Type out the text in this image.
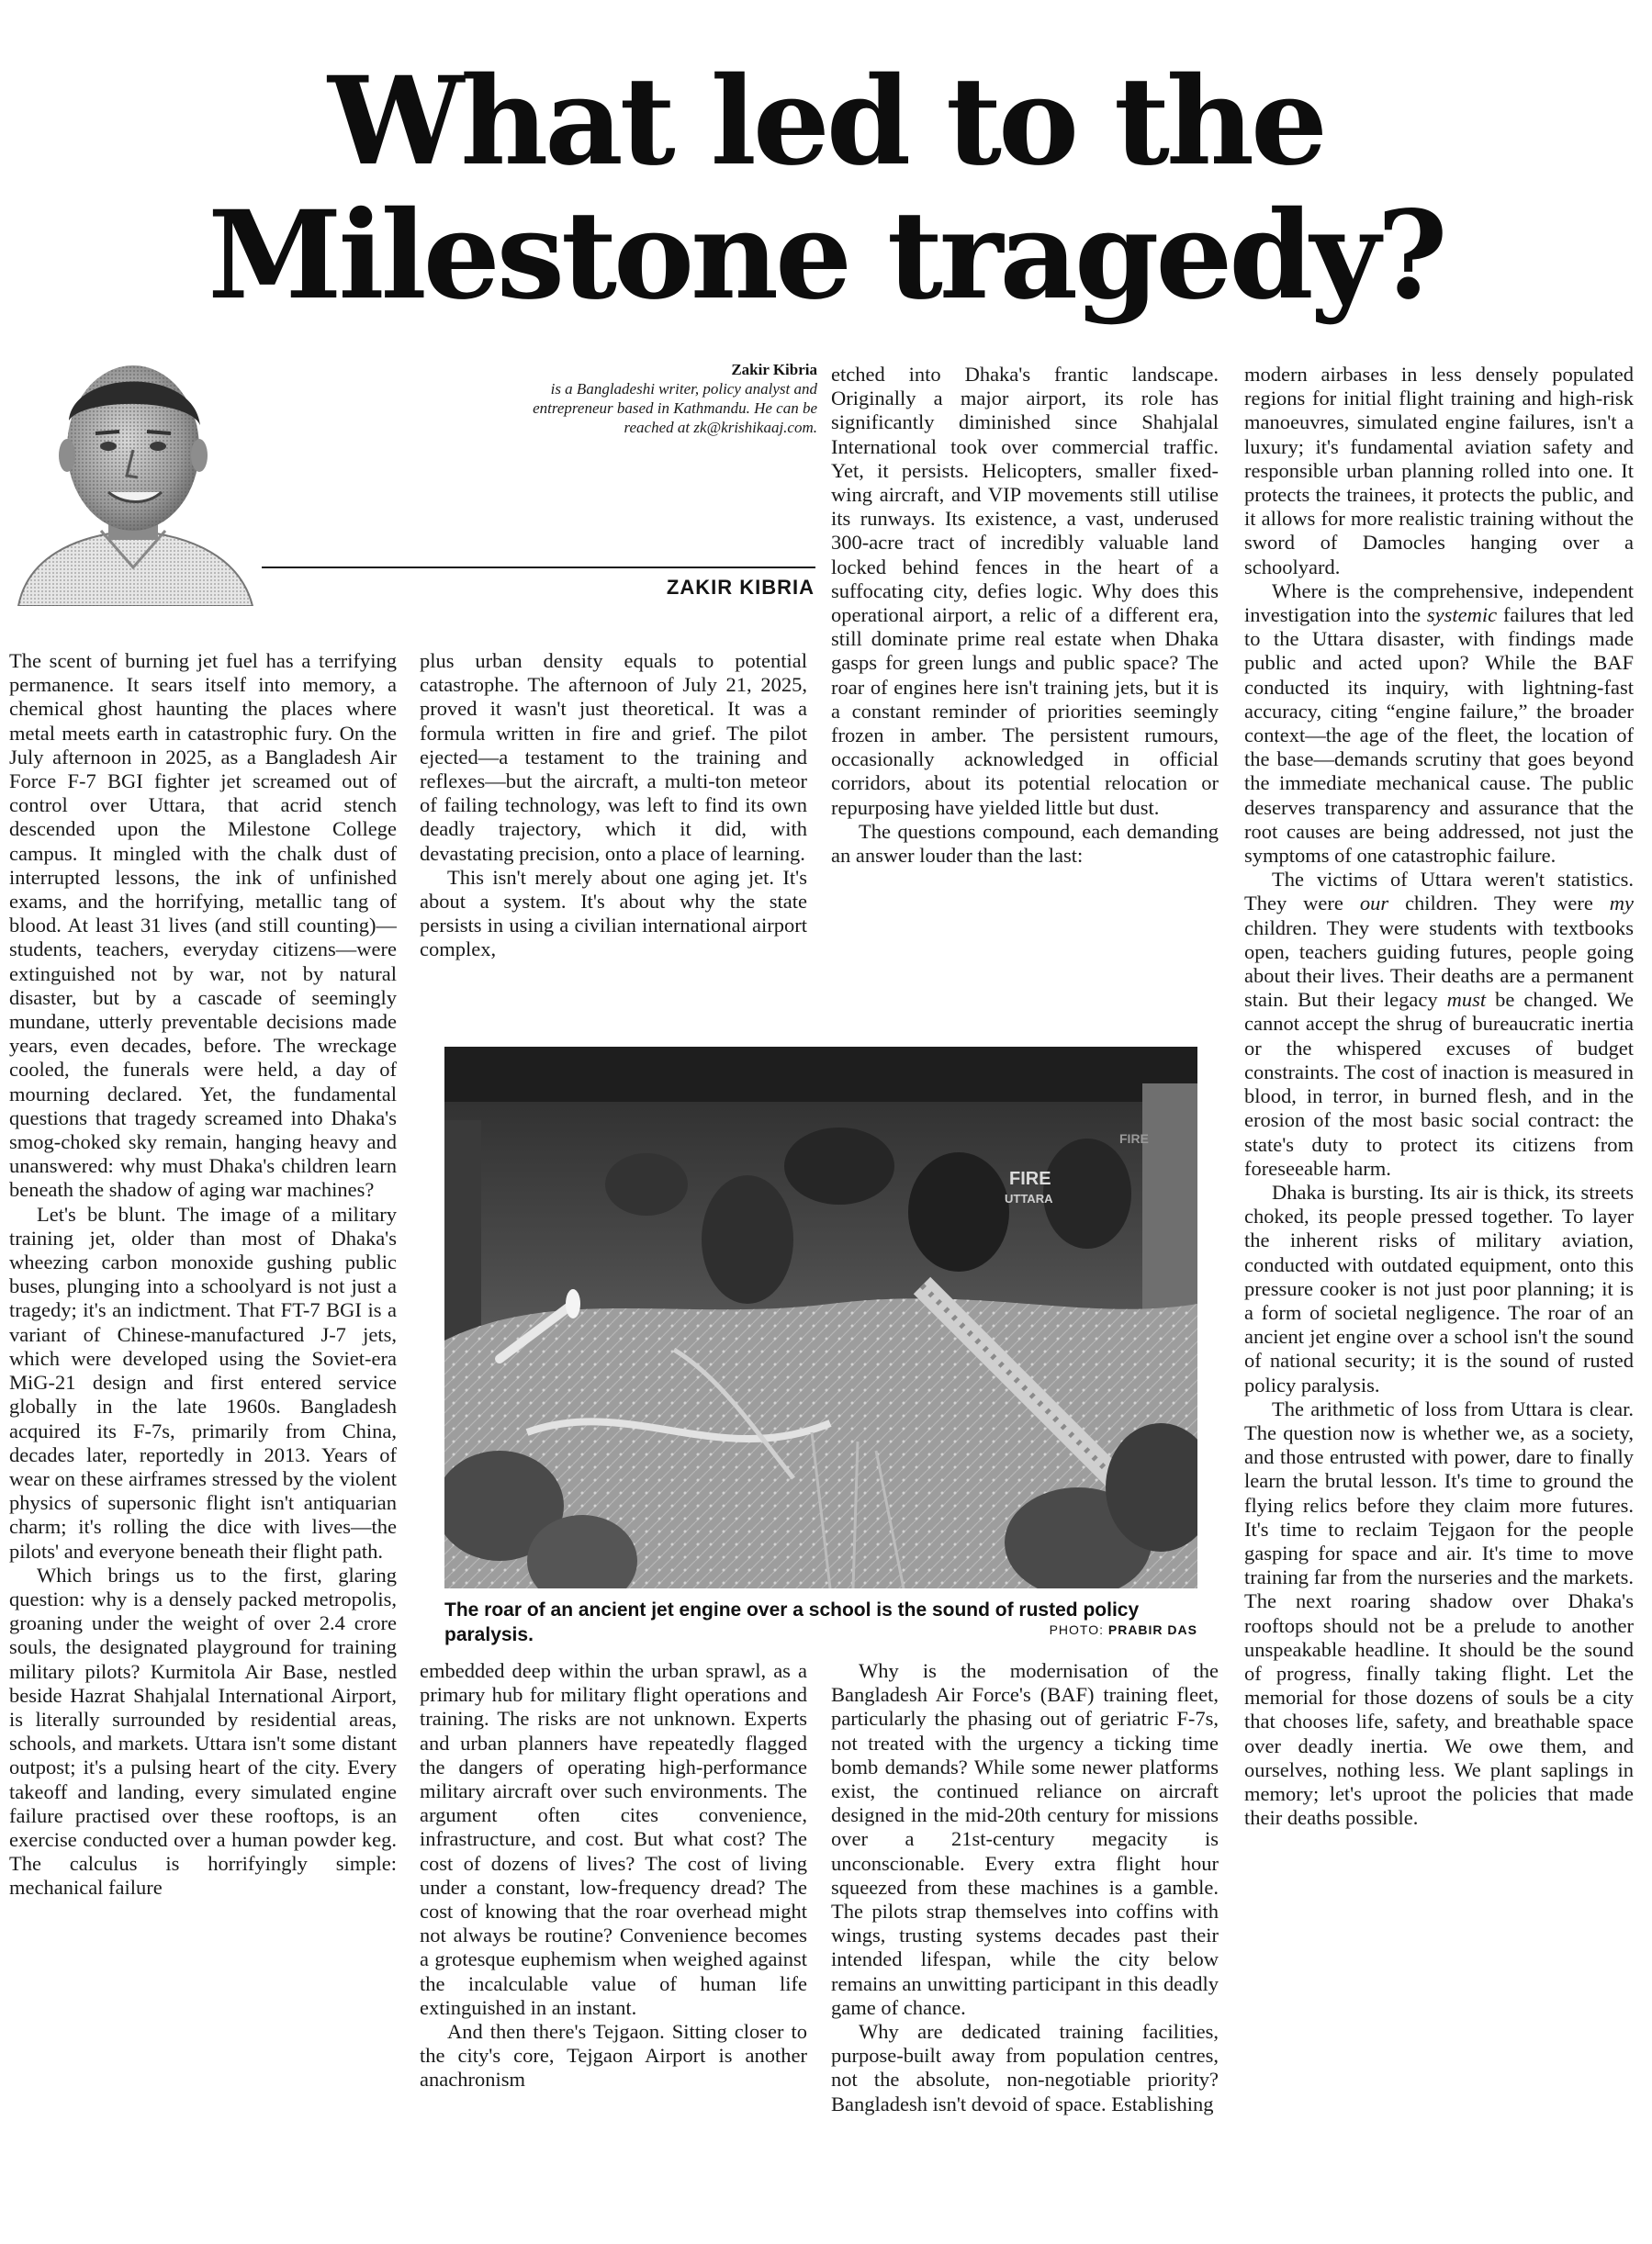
What led to the
Milestone tragedy?
Zakir Kibria
is a Bangladeshi writer, policy analyst and
entrepreneur based in Kathmandu. He can be
reached at zk@krishikaaj.com.
ZAKIR KIBRIA

The scent of burning jet fuel has a terrifying permanence. It sears itself into memory, a chemical ghost haunting the places where metal meets earth in catastrophic fury. On the July afternoon in 2025, as a Bangladesh Air Force F-7 BGI fighter jet screamed out of control over Uttara, that acrid stench descended upon the Milestone College campus. It mingled with the chalk dust of interrupted lessons, the ink of unfinished exams, and the horrifying, metallic tang of blood. At least 31 lives (and still counting)—students, teachers, everyday citizens—were extinguished not by war, not by natural disaster, but by a cascade of seemingly mundane, utterly preventable decisions made years, even decades, before. The wreckage cooled, the funerals were held, a day of mourning declared. Yet, the fundamental questions that tragedy screamed into Dhaka's smog-choked sky remain, hanging heavy and unanswered: why must Dhaka's children learn beneath the shadow of aging war machines?

Let's be blunt. The image of a military training jet, older than most of Dhaka's wheezing carbon monoxide gushing public buses, plunging into a schoolyard is not just a tragedy; it's an indictment. That FT-7 BGI is a variant of Chinese-manufactured J-7 jets, which were developed using the Soviet-era MiG-21 design and first entered service globally in the late 1960s. Bangladesh acquired its F-7s, primarily from China, decades later, reportedly in 2013. Years of wear on these airframes stressed by the violent physics of supersonic flight isn't antiquarian charm; it's rolling the dice with lives—the pilots' and everyone beneath their flight path.

Which brings us to the first, glaring question: why is a densely packed metropolis, groaning under the weight of over 2.4 crore souls, the designated playground for training military pilots? Kurmitola Air Base, nestled beside Hazrat Shahjalal International Airport, is literally surrounded by residential areas, schools, and markets. Uttara isn't some distant outpost; it's a pulsing heart of the city. Every takeoff and landing, every simulated engine failure practised over these rooftops, is an exercise conducted over a human powder keg. The calculus is horrifyingly simple: mechanical failure

plus urban density equals to potential catastrophe. The afternoon of July 21, 2025, proved it wasn't just theoretical. It was a formula written in fire and grief. The pilot ejected—a testament to the training and reflexes—but the aircraft, a multi-ton meteor of failing technology, was left to find its own deadly trajectory, which it did, with devastating precision, onto a place of learning.

This isn't merely about one aging jet. It's about a system. It's about why the state persists in using a civilian international airport complex,

etched into Dhaka's frantic landscape. Originally a major airport, its role has significantly diminished since Shahjalal International took over commercial traffic. Yet, it persists. Helicopters, smaller fixed-wing aircraft, and VIP movements still utilise its runways. Its existence, a vast, underused 300-acre tract of incredibly valuable land locked behind fences in the heart of a suffocating city, defies logic. Why does this operational airport, a relic of a different era, still dominate prime real estate when Dhaka gasps for green lungs and public space? The roar of engines here isn't training jets, but it is a constant reminder of priorities seemingly frozen in amber. The persistent rumours, occasionally acknowledged in official corridors, about its potential relocation or repurposing have yielded little but dust.

The questions compound, each demanding an answer louder than the last:

FIRE
UTTARA
FIRE
The roar of an ancient jet engine over a school is the sound of rusted policy paralysis.	PHOTO: PRABIR DAS

embedded deep within the urban sprawl, as a primary hub for military flight operations and training. The risks are not unknown. Experts and urban planners have repeatedly flagged the dangers of operating high-performance military aircraft over such environments. The argument often cites convenience, infrastructure, and cost. But what cost? The cost of dozens of lives? The cost of living under a constant, low-frequency dread? The cost of knowing that the roar overhead might not always be routine? Convenience becomes a grotesque euphemism when weighed against the incalculable value of human life extinguished in an instant.

And then there's Tejgaon. Sitting closer to the city's core, Tejgaon Airport is another anachronism

Why is the modernisation of the Bangladesh Air Force's (BAF) training fleet, particularly the phasing out of geriatric F-7s, not treated with the urgency a ticking time bomb demands? While some newer platforms exist, the continued reliance on aircraft designed in the mid-20th century for missions over a 21st-century megacity is unconscionable. Every extra flight hour squeezed from these machines is a gamble. The pilots strap themselves into coffins with wings, trusting systems decades past their intended lifespan, while the city below remains an unwitting participant in this deadly game of chance.

Why are dedicated training facilities, purpose-built away from population centres, not the absolute, non-negotiable priority? Bangladesh isn't devoid of space. Establishing

modern airbases in less densely populated regions for initial flight training and high-risk manoeuvres, simulated engine failures, isn't a luxury; it's fundamental aviation safety and responsible urban planning rolled into one. It protects the trainees, it protects the public, and it allows for more realistic training without the sword of Damocles hanging over a schoolyard.

Where is the comprehensive, independent investigation into the systemic failures that led to the Uttara disaster, with findings made public and acted upon? While the BAF conducted its inquiry, with lightning-fast accuracy, citing “engine failure,” the broader context—the age of the fleet, the location of the base—demands scrutiny that goes beyond the immediate mechanical cause. The public deserves transparency and assurance that the root causes are being addressed, not just the symptoms of one catastrophic failure.

The victims of Uttara weren't statistics. They were our children. They were my children. They were students with textbooks open, teachers guiding futures, people going about their lives. Their deaths are a permanent stain. But their legacy must be changed. We cannot accept the shrug of bureaucratic inertia or the whispered excuses of budget constraints. The cost of inaction is measured in blood, in terror, in burned flesh, and in the erosion of the most basic social contract: the state's duty to protect its citizens from foreseeable harm.

Dhaka is bursting. Its air is thick, its streets choked, its people pressed together. To layer the inherent risks of military aviation, conducted with outdated equipment, onto this pressure cooker is not just poor planning; it is a form of societal negligence. The roar of an ancient jet engine over a school isn't the sound of national security; it is the sound of rusted policy paralysis.

The arithmetic of loss from Uttara is clear. The question now is whether we, as a society, and those entrusted with power, dare to finally learn the brutal lesson. It's time to ground the flying relics before they claim more futures. It's time to reclaim Tejgaon for the people gasping for space and air. It's time to move training far from the nurseries and the markets. The next roaring shadow over Dhaka's rooftops should not be a prelude to another unspeakable headline. It should be the sound of progress, finally taking flight. Let the memorial for those dozens of souls be a city that chooses life, safety, and breathable space over deadly inertia. We owe them, and ourselves, nothing less. We plant saplings in memory; let's uproot the policies that made their deaths possible.
